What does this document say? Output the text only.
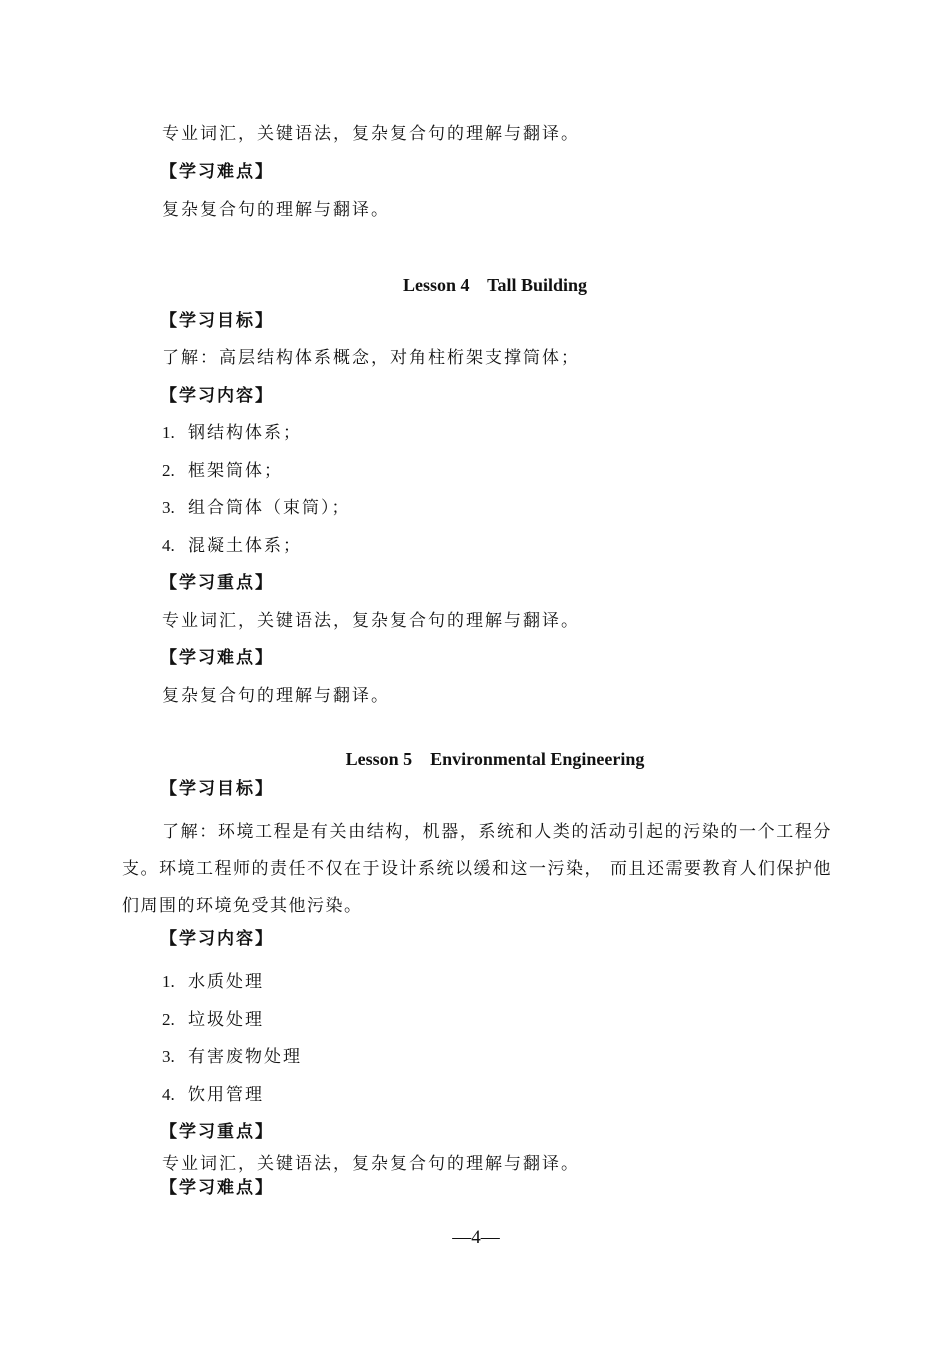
专业词汇，关键语法，复杂复合句的理解与翻译。
【学习难点】
复杂复合句的理解与翻译。
Lesson 4    Tall Building
【学习目标】
了解：高层结构体系概念，对角柱桁架支撑筒体；
【学习内容】
1. 钢结构体系；
2. 框架筒体；
3. 组合筒体（束筒）；
4. 混凝土体系；
【学习重点】
专业词汇，关键语法，复杂复合句的理解与翻译。
【学习难点】
复杂复合句的理解与翻译。
Lesson 5    Environmental Engineering
【学习目标】
了解：环境工程是有关由结构，机器，系统和人类的活动引起的污染的一个工程分支。环境工程师的责任不仅在于设计系统以缓和这一污染， 而且还需要教育人们保护他们周围的环境免受其他污染。
【学习内容】
1. 水质处理
2. 垃圾处理
3. 有害废物处理
4. 饮用管理
【学习重点】
专业词汇，关键语法，复杂复合句的理解与翻译。
【学习难点】
—4—
